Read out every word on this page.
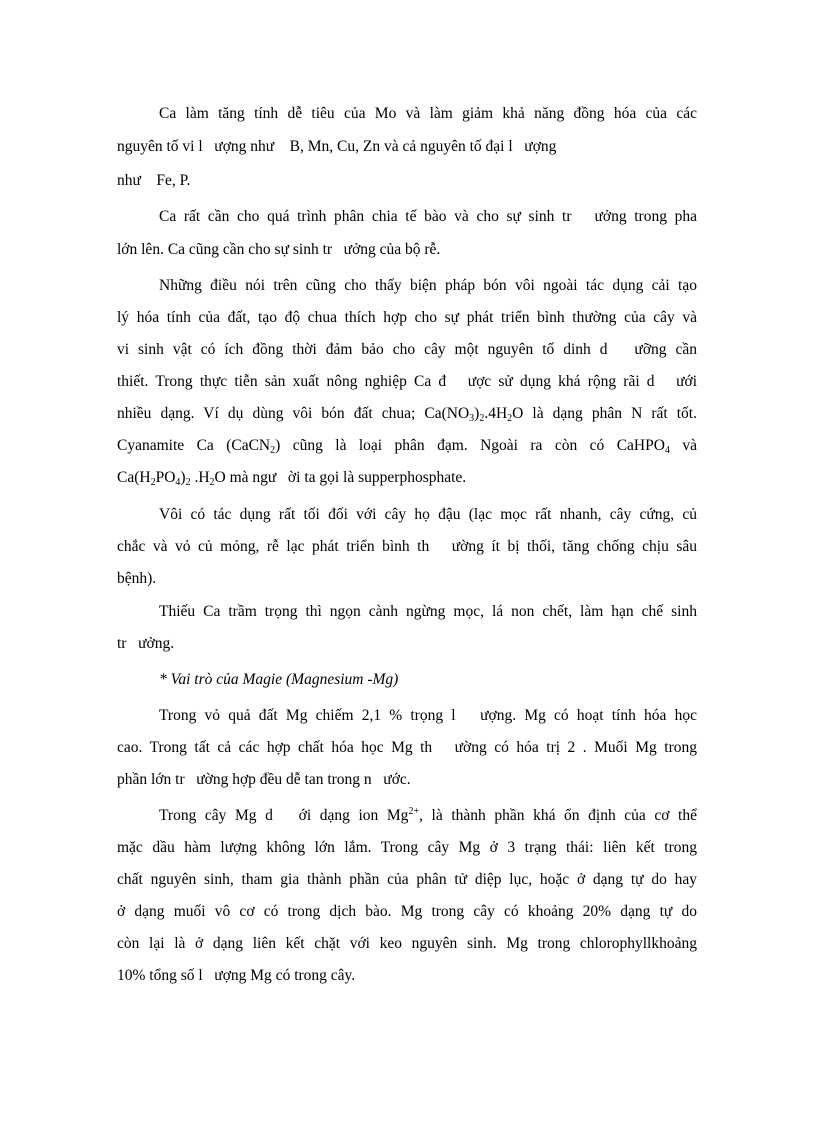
Ca làm tăng tính dễ tiêu của Mo và làm giảm khả năng đồng hóa của các
nguyên tố vi l   ượng như    B, Mn, Cu, Zn và cả nguyên tố đại l   ượng
như    Fe, P.
Ca rất cần cho quá trình phân chia tế bào và cho sự sinh tr   ưởng trong pha
lớn lên. Ca cũng cần cho sự sinh tr   ưởng của bộ rễ.
Những điều nói trên cũng cho thấy biện pháp bón vôi ngoài tác dụng cải tạo
lý hóa tính của đất, tạo độ chua thích hợp cho sự phát triển bình thường của cây và
vi sinh vật có ích đồng thời đảm bảo cho cây một nguyên tố dinh d   ưỡng cần
thiết. Trong thực tiễn sản xuất nông nghiệp Ca đ   ược sử dụng khá rộng rãi d   ưới
nhiều dạng. Ví dụ dùng vôi bón đất chua; $Ca(NO_3)_2.4H_2O$ là dạng phân N rất tốt.
Cyanamite Ca (CaCN$_2$) cũng là loại phân đạm. Ngoài ra còn có CaHPO$_4$ và
$Ca(H_2PO_4)_2$ $.H_2O$ mà ngư   ời ta gọi là supperphosphate.
Vôi có tác dụng rất tối đối với cây họ đậu (lạc mọc rất nhanh, cây cứng, củ
chắc và vỏ củ mỏng, rễ lạc phát triển bình th   ường ít bị thối, tăng chống chịu sâu
bệnh).
Thiếu Ca trầm trọng thì ngọn cành ngừng mọc, lá non chết, làm hạn chế sinh
tr   ưởng.
* Vai trò của Magie (Magnesium -Mg)
Trong vỏ quả đất Mg chiếm 2,1 % trọng l   ượng. Mg có hoạt tính hóa học
cao. Trong tất cả các hợp chất hóa học Mg th   ường có hóa trị 2 . Muối Mg trong
phần lớn tr   ường hợp đều dễ tan trong n   ước.
Trong cây Mg d   ới dạng ion $Mg^{2+}$, là thành phần khá ổn định của cơ thể
mặc dầu hàm lượng không lớn lắm. Trong cây Mg ở 3 trạng thái: liên kết trong
chất nguyên sinh, tham gia thành phần của phân tử diệp lục, hoặc ở dạng tự do hay
ở dạng muối vô cơ có trong dịch bào. Mg trong cây có khoảng 20% dạng tự do
còn lại là ở dạng liên kết chặt với keo nguyên sinh. Mg trong chlorophyllkhoảng
10% tổng số l   ượng Mg có trong cây.
